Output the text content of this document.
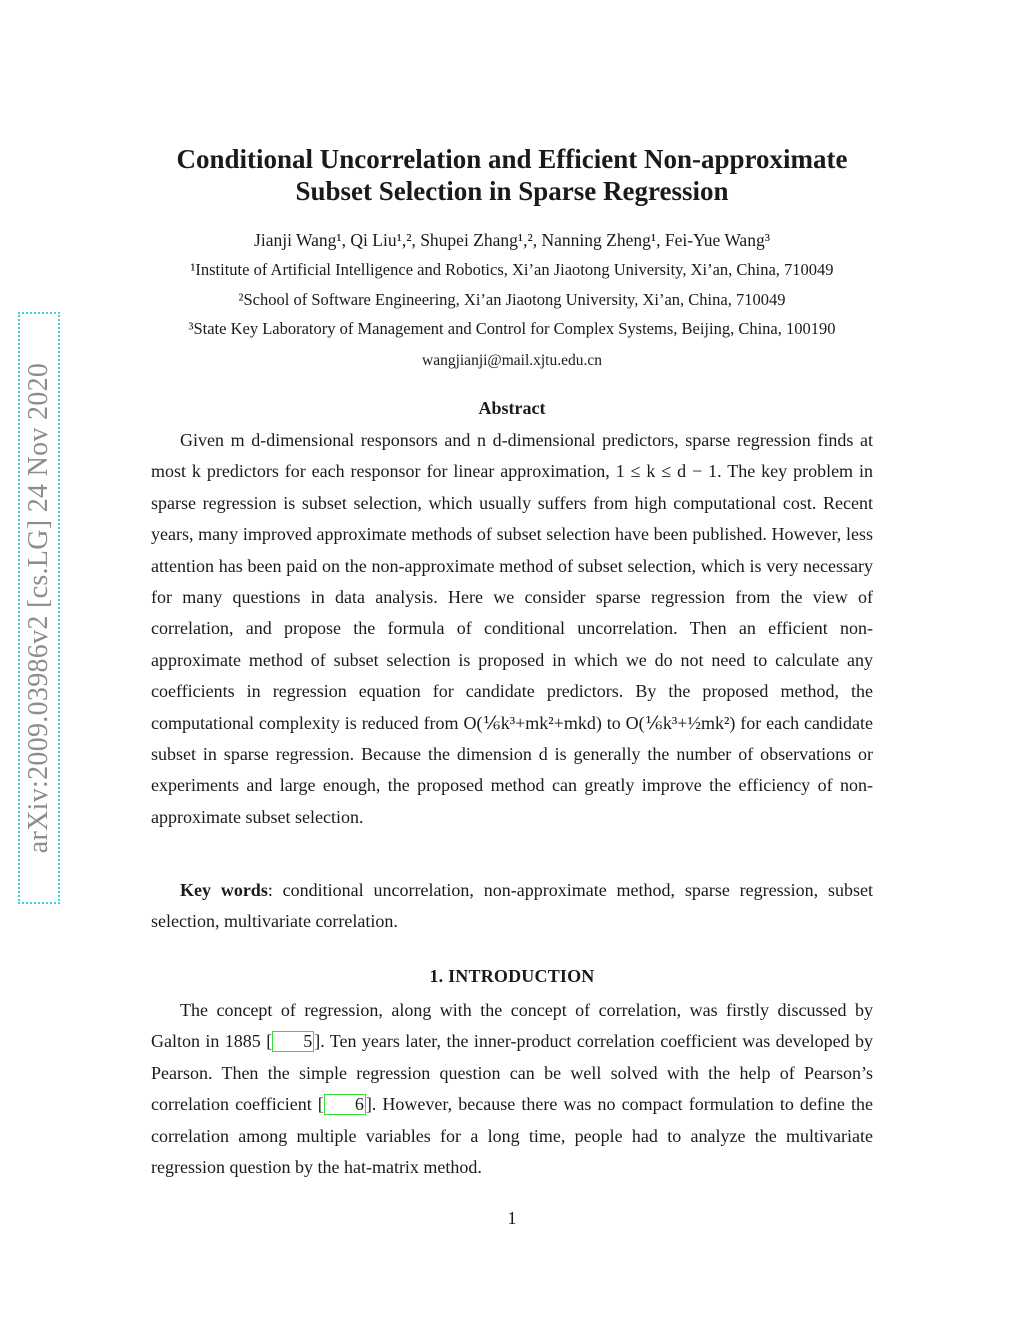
arXiv:2009.03986v2 [cs.LG] 24 Nov 2020
Conditional Uncorrelation and Efficient Non-approximate
Subset Selection in Sparse Regression
Jianji Wang¹, Qi Liu¹,², Shupei Zhang¹,², Nanning Zheng¹, Fei-Yue Wang³
¹Institute of Artificial Intelligence and Robotics, Xi’an Jiaotong University, Xi’an, China, 710049
²School of Software Engineering, Xi’an Jiaotong University, Xi’an, China, 710049
³State Key Laboratory of Management and Control for Complex Systems, Beijing, China, 100190
wangjianji@mail.xjtu.edu.cn
Abstract

Given m d-dimensional responsors and n d-dimensional predictors, sparse regression finds at most k predictors for each responsor for linear approximation, 1 ≤ k ≤ d − 1. The key problem in sparse regression is subset selection, which usually suffers from high computational cost. Recent years, many improved approximate methods of subset selection have been published. However, less attention has been paid on the non-approximate method of subset selection, which is very necessary for many questions in data analysis. Here we consider sparse regression from the view of correlation, and propose the formula of conditional uncorrelation. Then an efficient non-approximate method of subset selection is proposed in which we do not need to calculate any coefficients in regression equation for candidate predictors. By the proposed method, the computational complexity is reduced from O(⅙k³+mk²+mkd) to O(⅙k³+½mk²) for each candidate subset in sparse regression. Because the dimension d is generally the number of observations or experiments and large enough, the proposed method can greatly improve the efficiency of non-approximate subset selection.

Key words: conditional uncorrelation, non-approximate method, sparse regression, subset selection, multivariate correlation.

1. INTRODUCTION

The concept of regression, along with the concept of correlation, was firstly discussed by Galton in 1885 [ 5 ]. Ten years later, the inner-product correlation coefficient was developed by Pearson. Then the simple regression question can be well solved with the help of Pearson’s correlation coefficient [ 6 ]. However, because there was no compact formulation to define the correlation among multiple variables for a long time, people had to analyze the multivariate regression question by the hat-matrix method.

1
